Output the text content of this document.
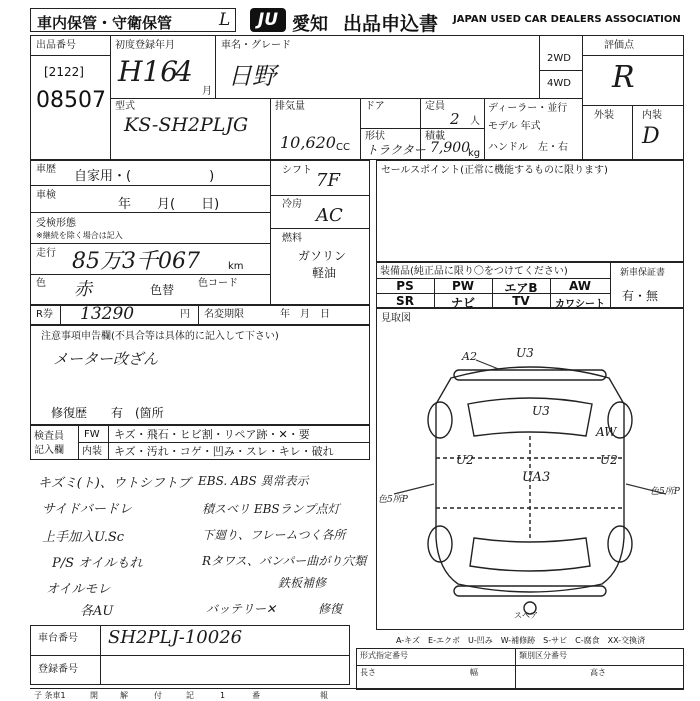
車内保管・守衛保管	L	JU 愛知 出品申込書 JAPAN USED CAR DEALERS ASSOCIATION
出品番号
[2122]
08507
初度登録年月
H16
4
月
車名・グレード
日野
2WD
4WD
評価点
R
型式
KS-SH2PLJG
排気量
10,620 CC
ドア
形状
トラクター
定員
2 人
積載
7,900
kg
ディーラー・並行
モデル 年式
ハンドル　左・右
外装	内装
D
車歴 自家用・(　　　　　　)
車検
年　　月(　　日)
受検形態
※継続を除く場合は記入
走行 85万3千067	km
色 赤	色替 色コード
シフト 7F
冷房
AC
燃料
ガソリン
軽油
セールスポイント(正常に機能するものに限ります)
装備品(純正品に限り〇をつけてください)
PS	PW	エアB	AW
SR	ナビ	TV	カワシート
新車保証書
有・無
R券 13290	円 名変期限	年　月　日
注意事項申告欄(不具合等は具体的に記入して下さい)
メーター改ざん
修復歴　　有　(箇所
検査員
記入欄
FW キズ・飛石・ヒビ割・リペア跡・✕・要
内装 キズ・汚れ・コゲ・凹み・スレ・キレ・破れ
キズミ(ト)、ウトシフトブ
サイドバードレ
上手加入U.Sc
P/S オイルもれ
オイルモレ
各AU
EBS. ABS 異常表示
積スベリ EBSランプ点灯
下廻り、フレームつく各所
Rタワス、バンパー曲がり穴類
鉄板補修
バッテリー✕	修復
見取図
A2	U3
U3
U2	U2
UA3
AW
色5所P
色5所P
スペア
A-キズ　E-エクボ　U-凹み　W-補修跡　S-サビ　C-腐食　XX-交換済
車台番号 SH2PLJ-10026
登録番号
形式指定番号	類別区分番号
長さ	幅	高さ
子 条車1	開	解	付	記	1	番	報
